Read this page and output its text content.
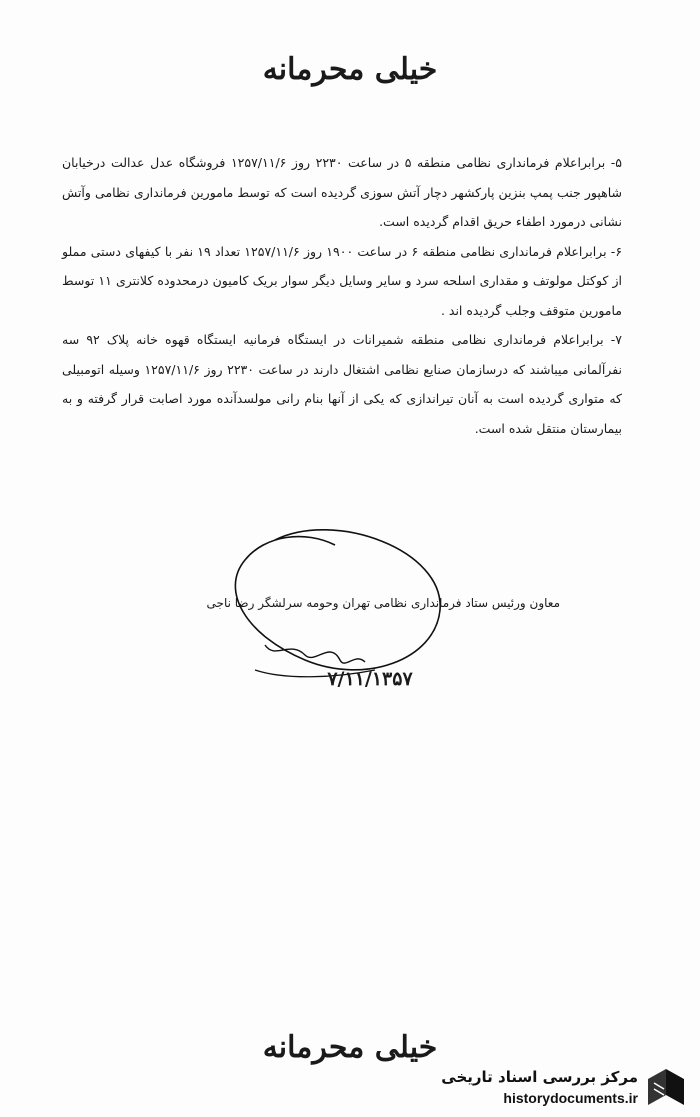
خیلی محرمانه

۵- برابراعلام فرمانداری نظامی منطقه ۵ در ساعت ۲۲۳۰ روز ۱۲۵۷/۱۱/۶ فروشگاه عدل عدالت درخیابان شاهپور جنب پمپ بنزین پارکشهر دچار آتش سوزی گردیده است که توسط مامورین فرمانداری نظامی وآتش نشانی درمورد اطفاء حریق اقدام گردیده است.

۶- برابراعلام فرمانداری نظامی منطقه ۶ در ساعت ۱۹۰۰ روز ۱۲۵۷/۱۱/۶ تعداد ۱۹ نفر با کیفهای دستی مملو از کوکتل مولوتف و مقداری اسلحه سرد و سایر وسایل دیگر سوار بریک کامیون درمحدوده کلانتری ۱۱ توسط مامورین متوقف وجلب گردیده اند .

۷- برابراعلام فرمانداری نظامی منطقه شمیرانات در ایستگاه فرمانیه ایستگاه قهوه خانه پلاک ۹۲ سه نفرآلمانی میباشند که درسازمان صنایع نظامی اشتغال دارند در ساعت ۲۲۳۰ روز ۱۲۵۷/۱۱/۶ وسیله اتومبیلی که متواری گردیده است به آنان تیراندازی که یکی از آنها بنام رانی مولسدآنده مورد اصابت قرار گرفته و به بیمارستان منتقل شده است.

معاون ورئیس ستاد فرمانداری نظامی تهران وحومه سرلشگر رضا ناجی
۷/۱۱/۱۳۵۷
خیلی محرمانه
مرکز بررسی اسناد تاریخی
historydocuments.ir
